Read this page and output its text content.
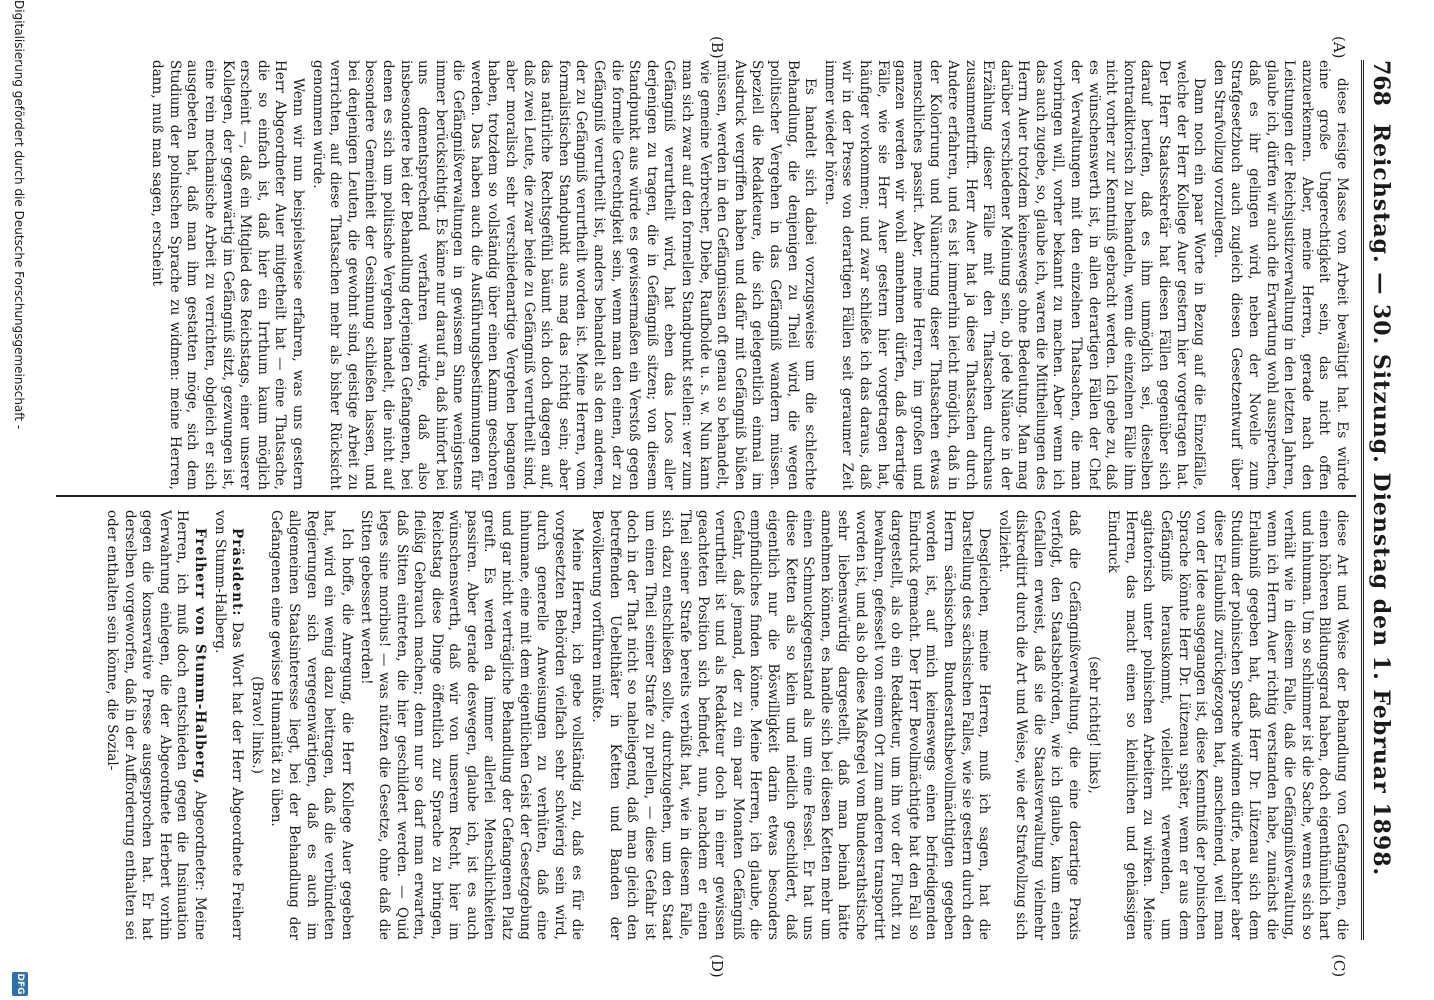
768
Reichstag. — 30. Sitzung. Dienstag den 1. Februar 1898.
(A)
(B)
(C)
(D)

diese riesige Masse von Arbeit bewältigt hat. Es würde eine große Ungerechtigkeit sein, das nicht offen anzuerkennen. Aber, meine Herren, gerade nach den Leistungen der Reichsjustizverwaltung in den letzten Jahren, glaube ich, dürfen wir auch die Erwartung wohl aussprechen, daß es ihr gelingen wird, neben der Novelle zum Strafgesetzbuch auch zugleich diesen Gesetzentwurf über den Strafvollzug vorzulegen.

Dann noch ein paar Worte in Bezug auf die Einzelfälle, welche der Herr Kollege Auer gestern hier vorgetragen hat. Der Herr Staatssekretär hat diesen Fällen gegenüber sich darauf berufen, daß es ihm unmöglich sei, dieselben kontradiktorisch zu behandeln, wenn die einzelnen Fälle ihm nicht vorher zur Kenntniß gebracht werden. Ich gebe zu, daß es wünschenswerth ist, in allen derartigen Fällen der Chef der Verwaltungen mit den einzelnen Thatsachen, die man vorbringen will, vorher bekannt zu machen. Aber wenn ich das auch zugebe, so, glaube ich, waren die Mittheilungen des Herrn Auer trotzdem keineswegs ohne Bedeutung. Man mag darüber verschiedener Meinung sein, ob jede Nüance in der Erzählung dieser Fälle mit den Thatsachen durchaus zusammentrifft. Herr Auer hat ja diese Thatsachen durch Andere erfahren, und es ist immerhin leicht möglich, daß in der Kolorirung und Nüancirung dieser Thatsachen etwas menschliches passirt. Aber, meine Herren, im großen und ganzen werden wir wohl annehmen dürfen, daß derartige Fälle, wie sie Herr Auer gestern hier vorgetragen hat, häufiger vorkommen; und zwar schließe ich das daraus, daß wir in der Presse von derartigen Fällen seit geraumer Zeit immer wieder hören.

Es handelt sich dabei vorzugsweise um die schlechte Behandlung, die denjenigen zu Theil wird, die wegen politischer Vergehen in das Gefängniß wandern müssen. Speziell die Redakteure, die sich gelegentlich einmal im Ausdruck vergriffen haben und dafür mit Gefängniß büßen müssen, werden in den Gefängnissen oft genau so behandelt, wie gemeine Verbrecher, Diebe, Raufbolde u. s. w. Nun kann man sich zwar auf den formellen Standpunkt stellen: wer zum Gefängniß verurtheilt wird, hat eben das Loos aller derjenigen zu tragen, die in Gefängniß sitzen; von diesem Standpunkt aus würde es gewissermaßen ein Verstoß gegen die formelle Gerechtigkeit sein, wenn man den einen, der zu Gefängniß verurtheilt ist, anders behandelt als den anderen, der zu Gefängniß verurtheilt worden ist. Meine Herren, vom formalistischen Standpunkt aus mag das richtig sein; aber das natürliche Rechtsgefühl bäumt sich doch dagegen auf, daß zwei Leute, die zwar beide zu Gefängniß verurtheilt sind, aber moralisch sehr verschiedenartige Vergehen begangen haben, trotzdem so vollständig über einen Kamm geschoren werden. Das haben auch die Ausführungsbestimmungen für die Gefängnißverwaltungen in gewissem Sinne wenigstens immer berücksichtigt. Es käme nur darauf an, daß hinfort bei uns dementsprechend verfahren würde, daß also insbesondere bei der Behandlung derjenigen Gefangenen, bei denen es sich um politische Vergehen handelt, die nicht auf besondere Gemeinheit der Gesinnung schließen lassen, und bei denjenigen Leuten, die gewohnt sind, geistige Arbeit zu verrichten, auf diese Thatsachen mehr als bisher Rücksicht genommen würde.

Wenn wir nun beispielsweise erfahren, was uns gestern Herr Abgeordneter Auer mitgetheilt hat — eine Thatsache, die so einfach ist, daß hier ein Irrthum kaum möglich erscheint —, daß ein Mitglied des Reichstags, einer unserer Kollegen, der gegenwärtig im Gefängniß sitzt, gezwungen ist, eine rein mechanische Arbeit zu verrichten, obgleich er sich ausgebeten hat, daß man ihm gestatten möge, sich dem Studium der polnischen Sprache zu widmen: meine Herren, dann, muß man sagen, erscheint

diese Art und Weise der Behandlung von Gefangenen, die einen höheren Bildungsgrad haben, doch eigenthümlich hart und inhuman. Um so schlimmer ist die Sache, wenn es sich so verhält wie in diesem Falle, daß die Gefängnißverwaltung, wenn ich Herrn Auer richtig verstanden habe, zunächst die Erlaubniß gegeben hat, daß Herr Dr. Lützenau sich dem Studium der polnischen Sprache widmen dürfe, nachher aber diese Erlaubniß zurückgezogen hat, anscheinend, weil man von der Idee ausgegangen ist, diese Kenntniß der polnischen Sprache könnte Herr Dr. Lützenau später, wenn er aus dem Gefängniß herauskommt, vielleicht verwenden, um agitatorisch unter polnischen Arbeitern zu wirken. Meine Herren, das macht einen so kleinlichen und gehässigen Eindruck

(sehr richtig! links),

daß die Gefängnißverwaltung, die eine derartige Praxis verfolgt, den Staatsbehörden, wie ich glaube, kaum einen Gefallen erweist, daß sie die Staatsverwaltung vielmehr diskreditirt durch die Art und Weise, wie der Strafvollzug sich vollzieht.

Desgleichen, meine Herren, muß ich sagen, hat die Darstellung des sächsischen Falles, wie sie gestern durch den Herrn sächsischen Bundesrathsbevollmächtigten gegeben worden ist, auf mich keineswegs einen befriedigenden Eindruck gemacht. Der Herr Bevollmächtigte hat den Fall so dargestellt, als ob ein Redakteur, um ihn vor der Flucht zu bewahren, gefesselt von einem Ort zum anderen transportirt worden ist, und als ob diese Maßregel vom Bundesrathstische sehr liebenswürdig dargestellt, daß man beinah hätte annehmen können, es handle sich bei diesen Ketten mehr um einen Schmuckgegenstand als um eine Fessel. Er hat uns diese Ketten als so klein und niedlich geschildert, daß eigentlich nur die Böswilligkeit darin etwas besonders empfindliches finden könne. Meine Herren, ich glaube, die Gefahr, daß jemand, der zu ein paar Monaten Gefängniß verurtheilt ist und als Redakteur doch in einer gewissen geachteten Position sich befindet, nun, nachdem er einen Theil seiner Strafe bereits verbüßt hat, wie in diesem Falle, sich dazu entschließen sollte, durchzugehen, um den Staat um einen Theil seiner Strafe zu prellen, — diese Gefahr ist doch in der That nicht so naheliegend, daß man gleich den betreffenden Uebelthäter in Ketten und Banden der Bevölkerung vorführen müßte.

Meine Herren, ich gebe vollständig zu, daß es für die vorgesetzten Behörden vielfach sehr schwierig sein wird, durch generelle Anweisungen zu verhüten, daß eine inhumane, eine mit dem eigentlichen Geist der Gesetzgebung und gar nicht verträgliche Behandlung der Gefangenen Platz greift. Es werden da immer allerlei Menschlichkeiten passiren. Aber gerade deswegen, glaube ich, ist es auch wünschenswerth, daß wir von unserem Recht, hier im Reichstag diese Dinge öffentlich zur Sprache zu bringen, fleißig Gebrauch machen; denn nur so darf man erwarten, daß Sitten eintreten, die hier geschildert werden. — Quid leges sine moribus! — was nützen die Gesetze, ohne daß die Sitten gebessert werden!

Ich hoffe, die Anregung, die Herr Kollege Auer gegeben hat, wird ein wenig dazu beitragen, daß die verbündeten Regierungen sich vergegenwärtigen, daß es auch im allgemeinen Staatsinteresse liegt, bei der Behandlung der Gefangenen eine gewisse Humanität zu üben.

(Bravo! links.)

Präsident: Das Wort hat der Herr Abgeordnete Freiherr von Stumm-Halberg.

Freiherr von Stumm-Halberg, Abgeordneter: Meine Herren, ich muß doch entschieden gegen die Insinuation Verwahrung einlegen, die der Abgeordnete Herbert vorhin gegen die konservative Presse ausgesprochen hat. Er hat derselben vorgeworfen, daß in der Aufforderung enthalten sei oder enthalten sein könne, die Sozial-

Digitalisierung gefördert durch die Deutsche Forschungsgemeinschaft -
DFG
